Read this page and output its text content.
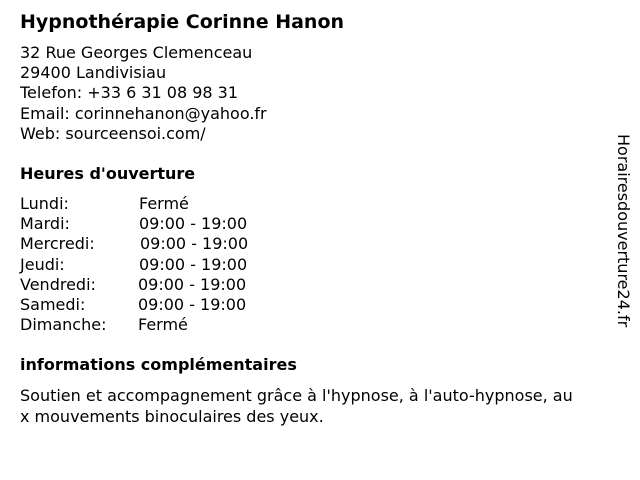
Hypnothérapie Corinne Hanon
32 Rue Georges Clemenceau
29400 Landivisiau
Telefon: +33 6 31 08 98 31
Email: corinnehanon@yahoo.fr
Web: sourceensoi.com/
Heures d'ouverture
Lundi:	Fermé
Mardi:	09:00 - 19:00
Mercredi:	09:00 - 19:00
Jeudi:	09:00 - 19:00
Vendredi:	09:00 - 19:00
Samedi:	09:00 - 19:00
Dimanche: Fermé
informations complémentaires
Soutien et accompagnement grâce à l'hypnose, à l'auto-hypnose, aux mouvements binoculaires des yeux.
Horairesdouverture24.fr
